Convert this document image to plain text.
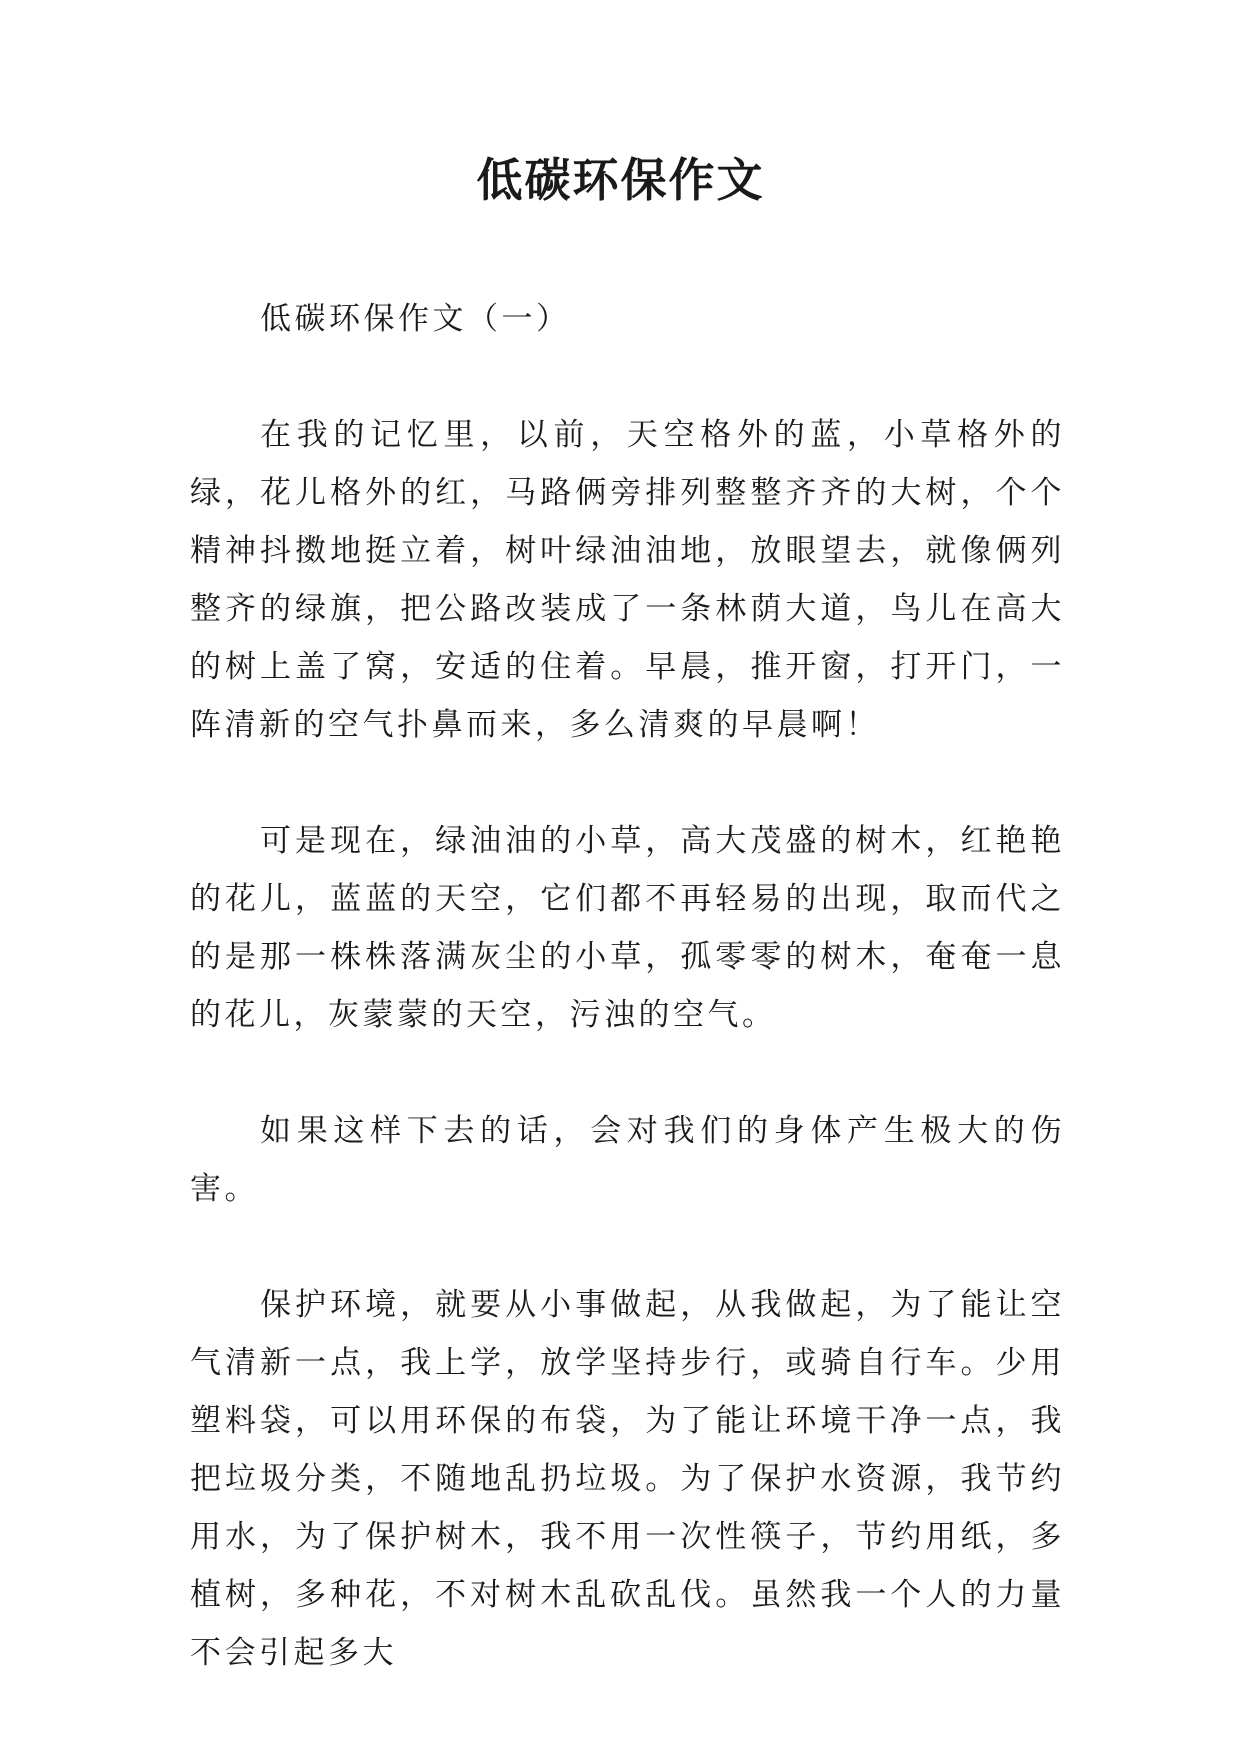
低碳环保作文

低碳环保作文（一）

在我的记忆里，以前，天空格外的蓝，小草格外的绿，花儿格外的红，马路俩旁排列整整齐齐的大树，个个精神抖擞地挺立着，树叶绿油油地，放眼望去，就像俩列整齐的绿旗，把公路改装成了一条林荫大道，鸟儿在高大的树上盖了窝，安适的住着。早晨，推开窗，打开门，一阵清新的空气扑鼻而来，多么清爽的早晨啊！

可是现在，绿油油的小草，高大茂盛的树木，红艳艳的花儿，蓝蓝的天空，它们都不再轻易的出现，取而代之的是那一株株落满灰尘的小草，孤零零的树木，奄奄一息的花儿，灰蒙蒙的天空，污浊的空气。

如果这样下去的话，会对我们的身体产生极大的伤害。

保护环境，就要从小事做起，从我做起，为了能让空气清新一点，我上学，放学坚持步行，或骑自行车。少用塑料袋，可以用环保的布袋，为了能让环境干净一点，我把垃圾分类，不随地乱扔垃圾。为了保护水资源，我节约用水，为了保护树木，我不用一次性筷子，节约用纸，多植树，多种花，不对树木乱砍乱伐。虽然我一个人的力量不会引起多大
